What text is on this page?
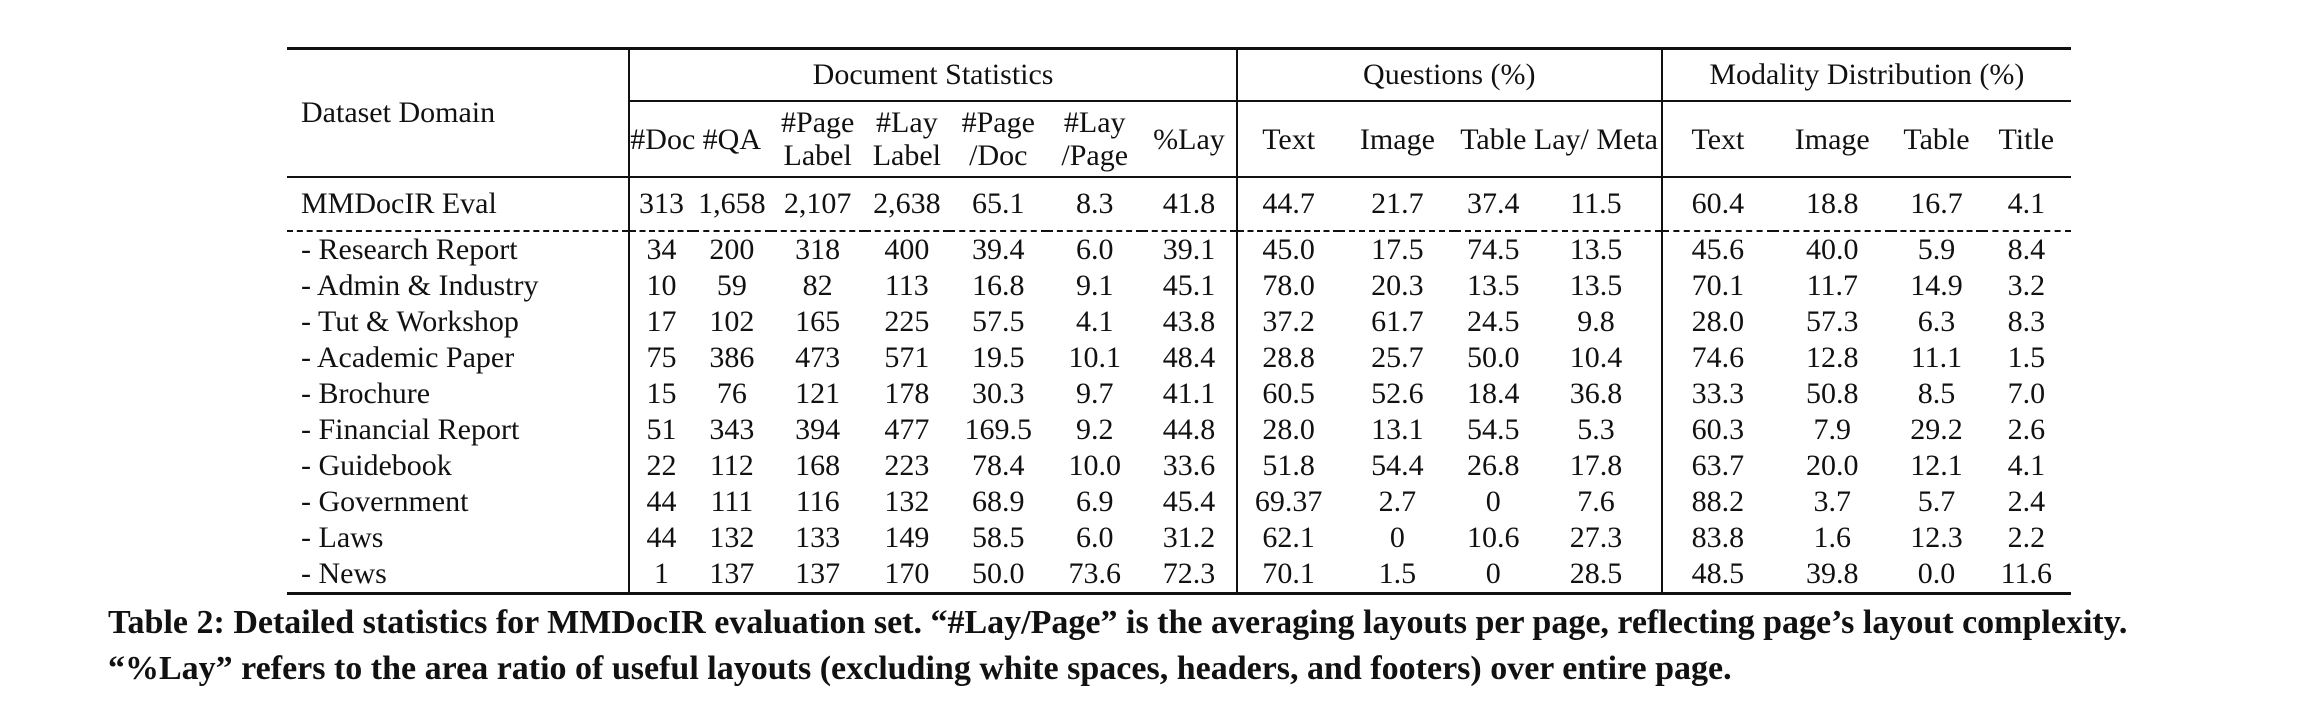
Dataset Domain	Document Statistics							Questions (%)				Modality Distribution (%)			
	#Doc	#QA	#Page Label	#Lay Label	#Page /Doc	#Lay /Page	%Lay	Text	Image	Table	Lay/ Meta	Text	Image	Table	Title
MMDocIR Eval	313	1,658	2,107	2,638	65.1	8.3	41.8	44.7	21.7	37.4	11.5	60.4	18.8	16.7	4.1
- Research Report	34	200	318	400	39.4	6.0	39.1	45.0	17.5	74.5	13.5	45.6	40.0	5.9	8.4
- Admin & Industry	10	59	82	113	16.8	9.1	45.1	78.0	20.3	13.5	13.5	70.1	11.7	14.9	3.2
- Tut & Workshop	17	102	165	225	57.5	4.1	43.8	37.2	61.7	24.5	9.8	28.0	57.3	6.3	8.3
- Academic Paper	75	386	473	571	19.5	10.1	48.4	28.8	25.7	50.0	10.4	74.6	12.8	11.1	1.5
- Brochure	15	76	121	178	30.3	9.7	41.1	60.5	52.6	18.4	36.8	33.3	50.8	8.5	7.0
- Financial Report	51	343	394	477	169.5	9.2	44.8	28.0	13.1	54.5	5.3	60.3	7.9	29.2	2.6
- Guidebook	22	112	168	223	78.4	10.0	33.6	51.8	54.4	26.8	17.8	63.7	20.0	12.1	4.1
- Government	44	111	116	132	68.9	6.9	45.4	69.37	2.7	0	7.6	88.2	3.7	5.7	2.4
- Laws	44	132	133	149	58.5	6.0	31.2	62.1	0	10.6	27.3	83.8	1.6	12.3	2.2
- News	1	137	137	170	50.0	73.6	72.3	70.1	1.5	0	28.5	48.5	39.8	0.0	11.6
Table 2: Detailed statistics for MMDocIR evaluation set. “#Lay/Page” is the averaging layouts per page, reflecting page’s layout complexity. “%Lay” refers to the area ratio of useful layouts (excluding white spaces, headers, and footers) over entire page.
